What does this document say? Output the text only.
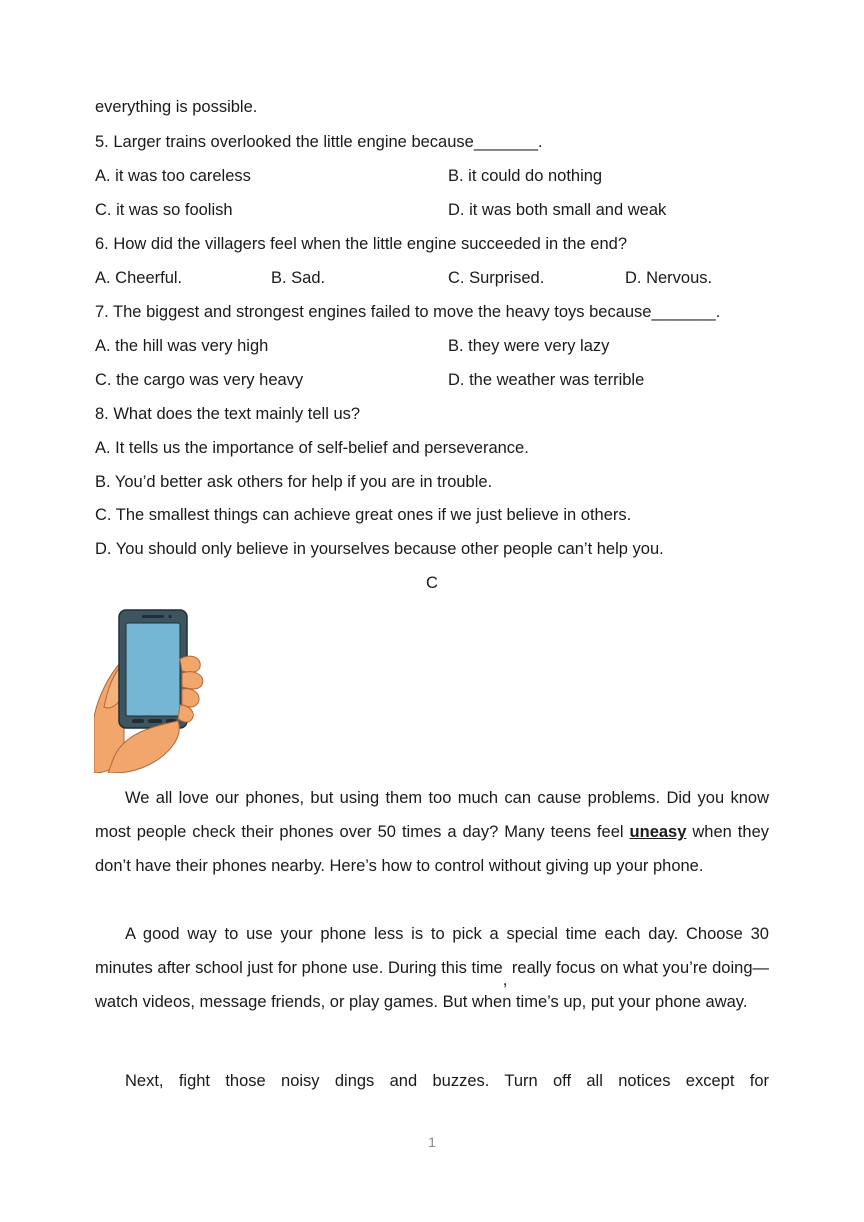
everything is possible.
5. Larger trains overlooked the little engine because_______.
A. it was too careless	B. it could do nothing
C. it was so foolish	D. it was both small and weak
6. How did the villagers feel when the little engine succeeded in the end?
A. Cheerful.	B. Sad.	C. Surprised.	D. Nervous.
7. The biggest and strongest engines failed to move the heavy toys because_______.
A. the hill was very high	B. they were very lazy
C. the cargo was very heavy	D. the weather was terrible
8. What does the text mainly tell us?
A. It tells us the importance of self-belief and perseverance.
B. You’d better ask others for help if you are in trouble.
C. The smallest things can achieve great ones if we just believe in others.
D. You should only believe in yourselves because other people can’t help you.
C

We all love our phones, but using them too much can cause problems. Did you know most people check their phones over 50 times a day? Many teens feel uneasy when they don’t have their phones nearby. Here’s how to control without giving up your phone.

A good way to use your phone less is to pick a special time each day. Choose 30 minutes after school just for phone use. During this time, really focus on what you’re doing—watch videos, message friends, or play games. But when time’s up, put your phone away.

Next, fight those noisy dings and buzzes. Turn off all notices except for

1
